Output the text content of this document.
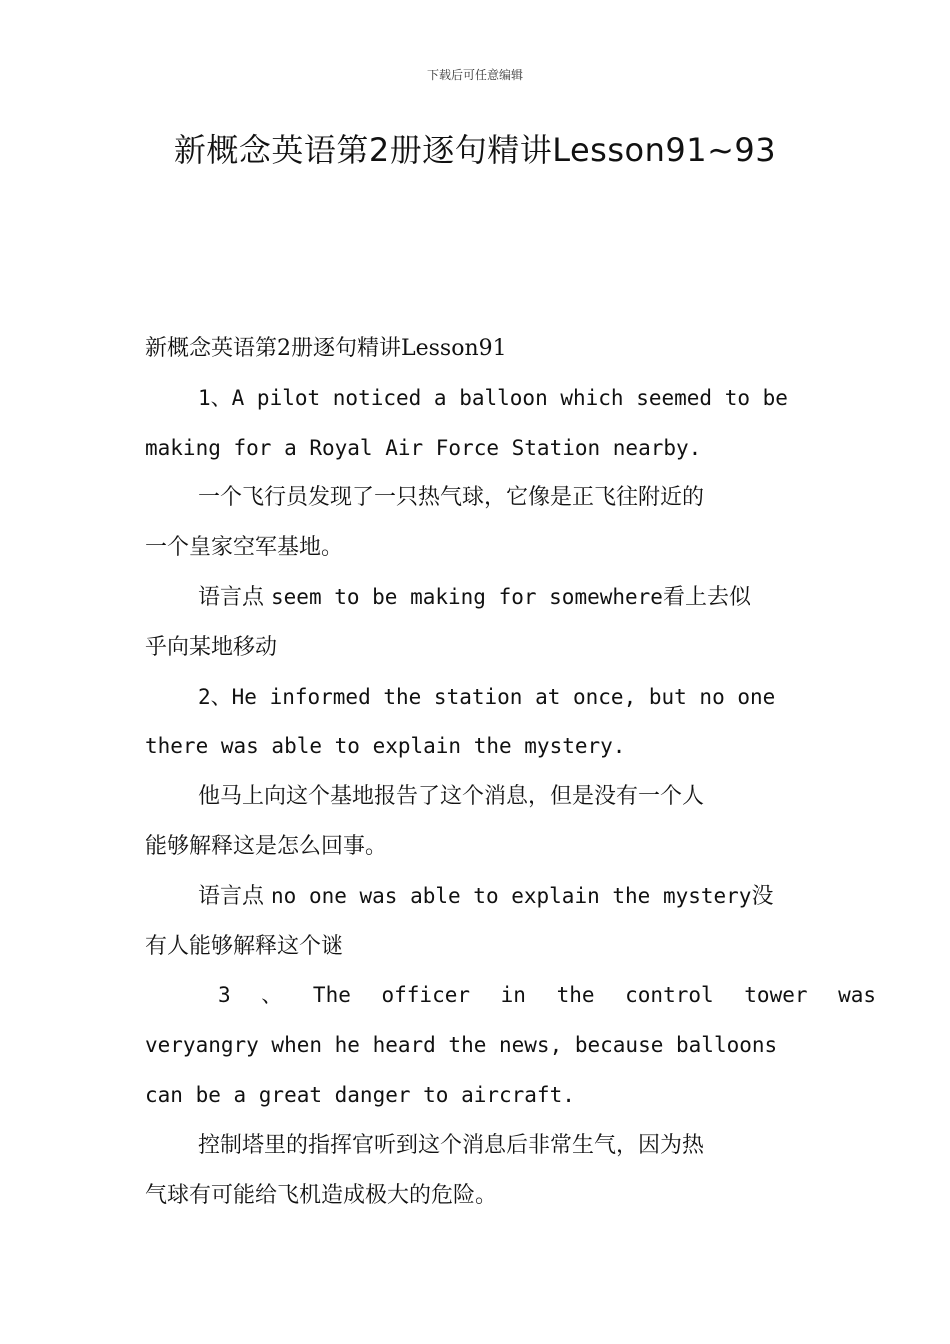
下载后可任意编辑
新概念英语第2册逐句精讲Lesson91~93
新概念英语第2册逐句精讲Lesson91
1、A pilot noticed a balloon which seemed to be
making for a Royal Air Force Station nearby.
一个飞行员发现了一只热气球，它像是正飞往附近的
一个皇家空军基地。
语言点 seem to be making for somewhere看上去似
乎向某地移动
2、He informed the station at once, but no one
there was able to explain the mystery.
他马上向这个基地报告了这个消息，但是没有一个人
能够解释这是怎么回事。
语言点 no one was able to explain the mystery没
有人能够解释这个谜
3 、 The officer in the control tower was
veryangry when he heard the news, because balloons
can be a great danger to aircraft.
控制塔里的指挥官听到这个消息后非常生气，因为热
气球有可能给飞机造成极大的危险。
